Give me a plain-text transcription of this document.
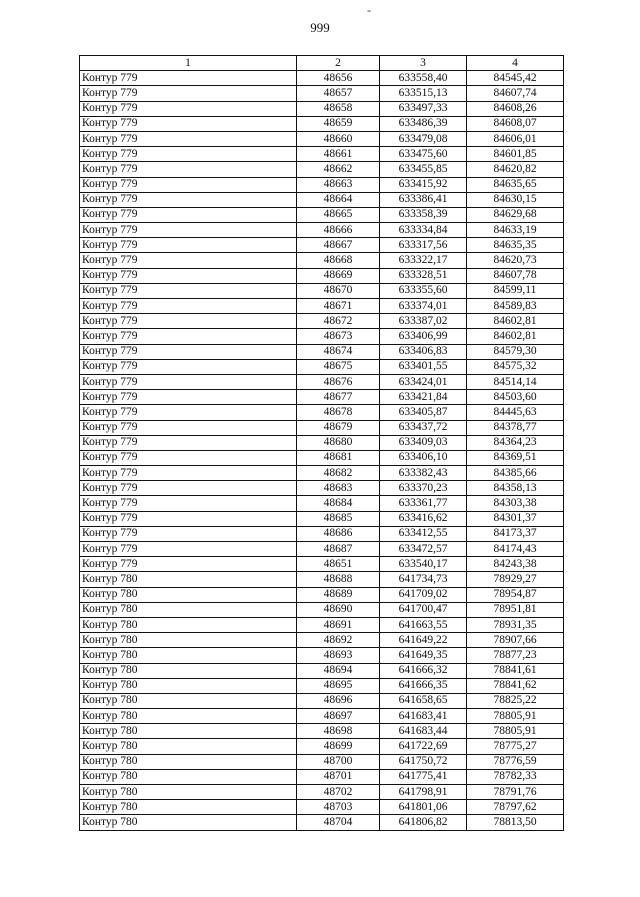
-
999
1	2	3	4
Контур 779	48656	633558,40	84545,42
Контур 779	48657	633515,13	84607,74
Контур 779	48658	633497,33	84608,26
Контур 779	48659	633486,39	84608,07
Контур 779	48660	633479,08	84606,01
Контур 779	48661	633475,60	84601,85
Контур 779	48662	633455,85	84620,82
Контур 779	48663	633415,92	84635,65
Контур 779	48664	633386,41	84630,15
Контур 779	48665	633358,39	84629,68
Контур 779	48666	633334,84	84633,19
Контур 779	48667	633317,56	84635,35
Контур 779	48668	633322,17	84620,73
Контур 779	48669	633328,51	84607,78
Контур 779	48670	633355,60	84599,11
Контур 779	48671	633374,01	84589,83
Контур 779	48672	633387,02	84602,81
Контур 779	48673	633406,99	84602,81
Контур 779	48674	633406,83	84579,30
Контур 779	48675	633401,55	84575,32
Контур 779	48676	633424,01	84514,14
Контур 779	48677	633421,84	84503,60
Контур 779	48678	633405,87	84445,63
Контур 779	48679	633437,72	84378,77
Контур 779	48680	633409,03	84364,23
Контур 779	48681	633406,10	84369,51
Контур 779	48682	633382,43	84385,66
Контур 779	48683	633370,23	84358,13
Контур 779	48684	633361,77	84303,38
Контур 779	48685	633416,62	84301,37
Контур 779	48686	633412,55	84173,37
Контур 779	48687	633472,57	84174,43
Контур 779	48651	633540,17	84243,38
Контур 780	48688	641734,73	78929,27
Контур 780	48689	641709,02	78954,87
Контур 780	48690	641700,47	78951,81
Контур 780	48691	641663,55	78931,35
Контур 780	48692	641649,22	78907,66
Контур 780	48693	641649,35	78877,23
Контур 780	48694	641666,32	78841,61
Контур 780	48695	641666,35	78841,62
Контур 780	48696	641658,65	78825,22
Контур 780	48697	641683,41	78805,91
Контур 780	48698	641683,44	78805,91
Контур 780	48699	641722,69	78775,27
Контур 780	48700	641750,72	78776,59
Контур 780	48701	641775,41	78782,33
Контур 780	48702	641798,91	78791,76
Контур 780	48703	641801,06	78797,62
Контур 780	48704	641806,82	78813,50
